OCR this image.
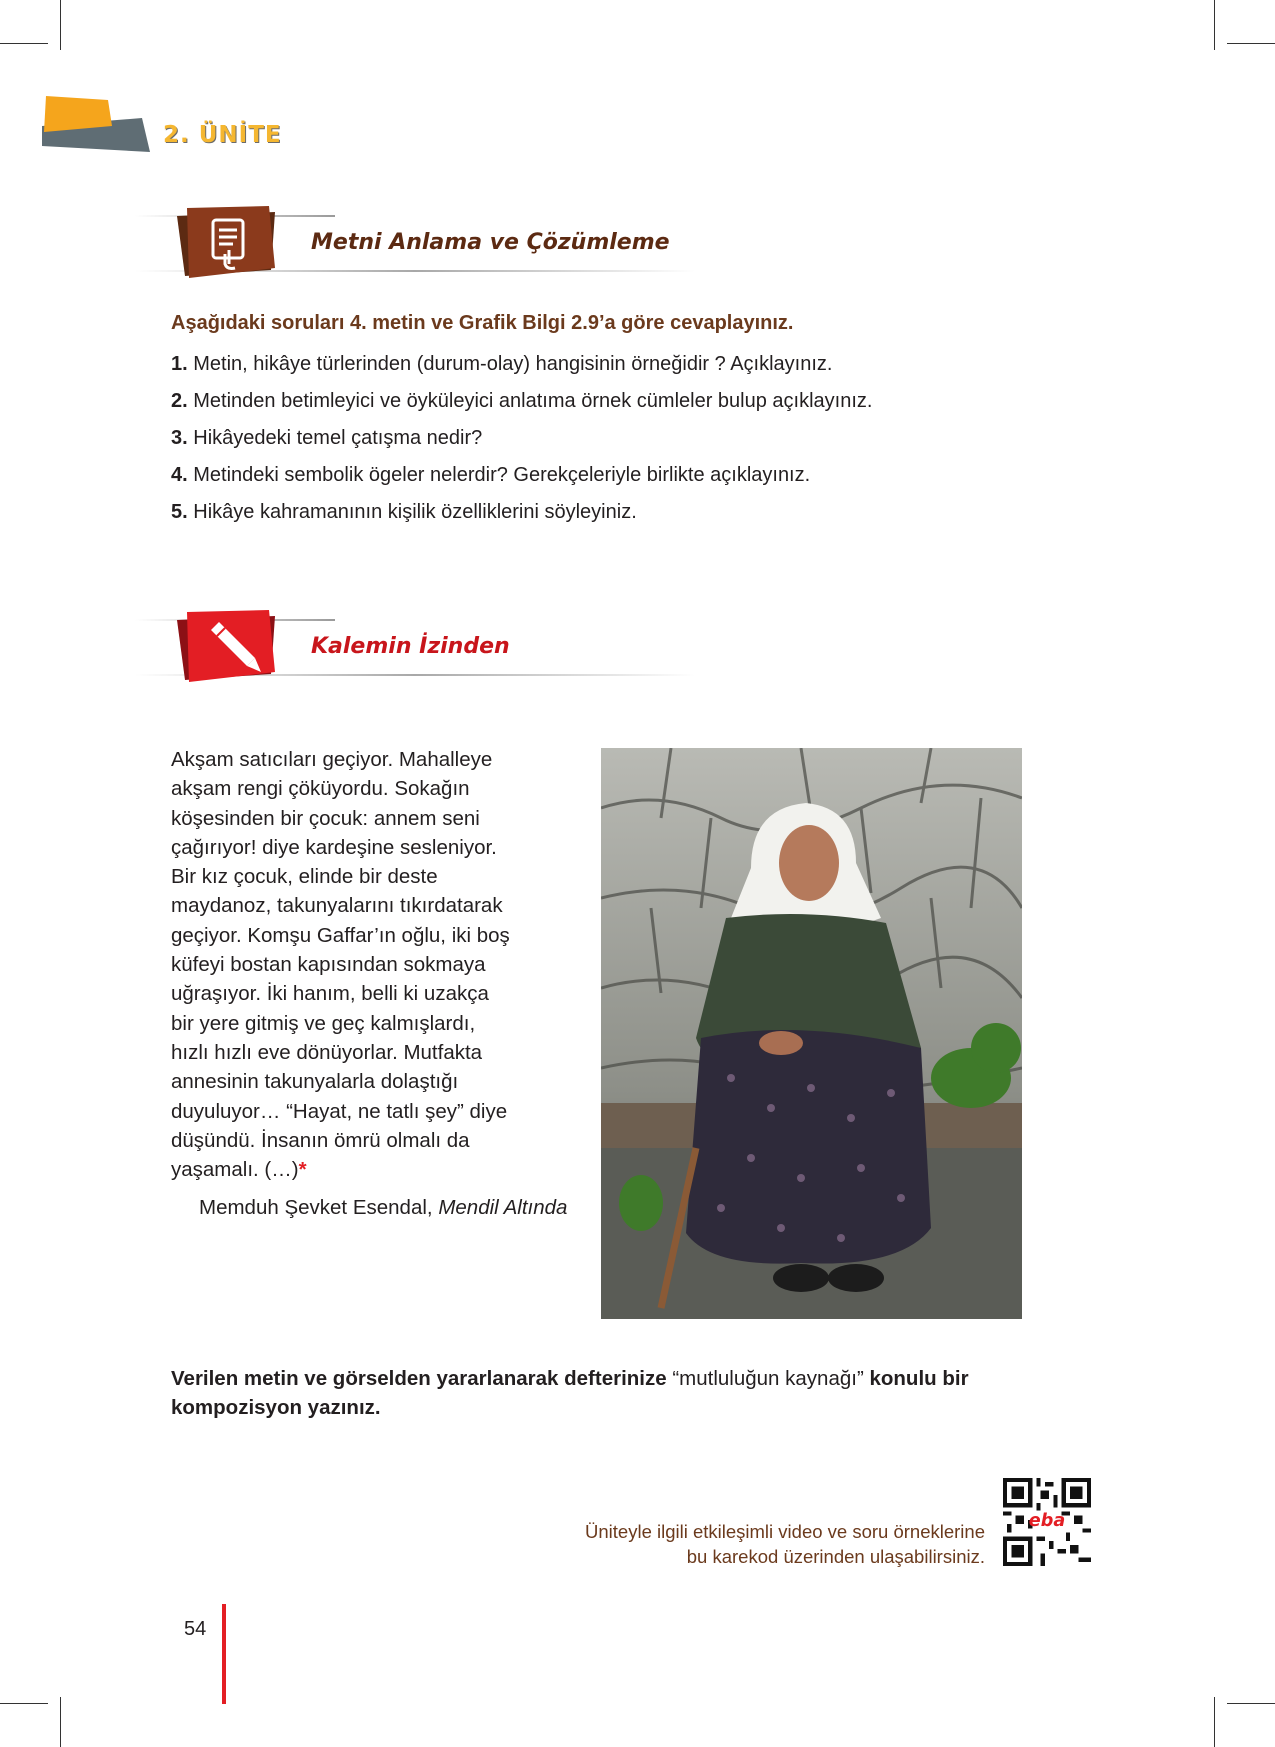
2. ÜNİTE
Metni Anlama ve Çözümleme
Aşağıdaki soruları 4. metin ve Grafik Bilgi 2.9’a göre cevaplayınız.
1. Metin, hikâye türlerinden (durum-olay) hangisinin örneğidir ? Açıklayınız.
2. Metinden betimleyici ve öyküleyici anlatıma örnek cümleler bulup açıklayınız.
3. Hikâyedeki temel çatışma nedir?
4. Metindeki sembolik ögeler nelerdir? Gerekçeleriyle birlikte açıklayınız.
5. Hikâye kahramanının kişilik özelliklerini söyleyiniz.
Kalemin İzinden
Akşam satıcıları geçiyor. Mahalleye
akşam rengi çöküyordu. Sokağın
köşesinden bir çocuk: annem seni
çağırıyor! diye kardeşine sesleniyor.
Bir kız çocuk, elinde bir deste
maydanoz, takunyalarını tıkırdatarak
geçiyor. Komşu Gaffar’ın oğlu, iki boş
küfeyi bostan kapısından sokmaya
uğraşıyor. İki hanım, belli ki uzakça
bir yere gitmiş ve geç kalmışlardı,
hızlı hızlı eve dönüyorlar. Mutfakta
annesinin takunyalarla dolaştığı
duyuluyor… “Hayat, ne tatlı şey” diye
düşündü. İnsanın ömrü olmalı da
yaşamalı. (…)*
Memduh Şevket Esendal, Mendil Altında
Verilen metin ve görselden yararlanarak defterinize “mutluluğun kaynağı” konulu bir
kompozisyon yazınız.
Üniteyle ilgili etkileşimli video ve soru örneklerine
bu karekod üzerinden ulaşabilirsiniz.
eba
54
